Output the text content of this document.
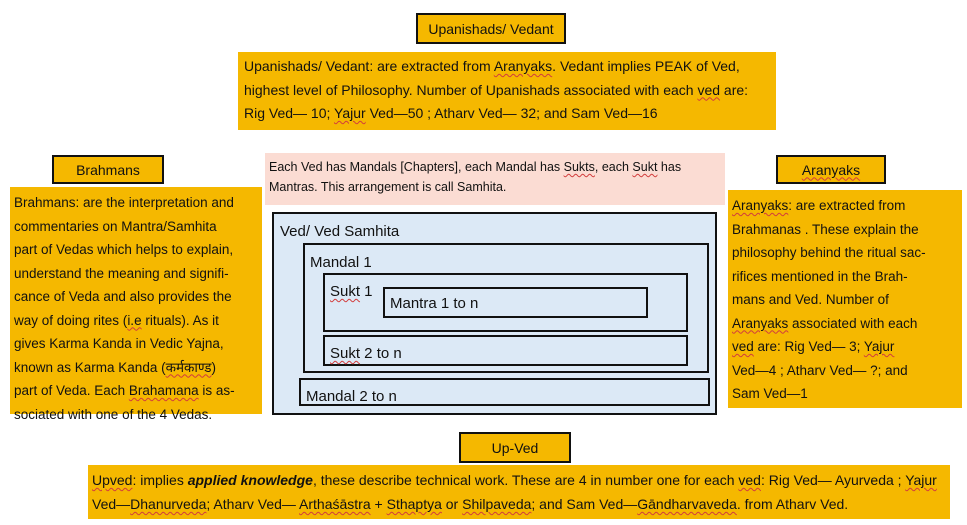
Upanishads/ Vedant
Upanishads/ Vedant: are extracted from Aranyaks. Vedant implies PEAK of Ved, highest level of Philosophy. Number of Upanishads associated with each ved are: Rig Ved— 10; Yajur Ved—50 ; Atharv Ved— 32; and Sam Ved—16
Brahmans
Brahmans: are the interpretation and
commentaries on Mantra/Samhita
part of Vedas which helps to explain,
understand the meaning and signifi-
cance of Veda and also provides the
way of doing rites (i.e rituals). As it
gives Karma Kanda in Vedic Yajna,
known as Karma Kanda (कर्मकाण्ड)
part of Veda. Each Brahamana is as-
sociated with one of the 4 Vedas.
Aranyaks
Aranyaks: are extracted from
Brahmanas . These explain the
philosophy behind the ritual sac-
rifices mentioned in the Brah-
mans and Ved. Number of
Aranyaks associated with each
ved are: Rig Ved— 3; Yajur
Ved—4 ; Atharv Ved— ?; and
Sam Ved—1
Each Ved has Mandals [Chapters], each Mandal has Sukts, each Sukt has Mantras. This arrangement is call Samhita.
Ved/ Ved Samhita
Mandal 1
Sukt 1
Mantra 1 to n
Sukt 2 to n
Mandal 2 to n
Up-Ved
Upved: implies applied knowledge, these describe technical work. These are 4 in number one for each ved: Rig Ved— Ayurveda ; Yajur Ved—Dhanurveda; Atharv Ved— Arthaśāstra + Sthaptya or Shilpaveda; and Sam Ved—Gāndharvaveda. from Atharv Ved.
